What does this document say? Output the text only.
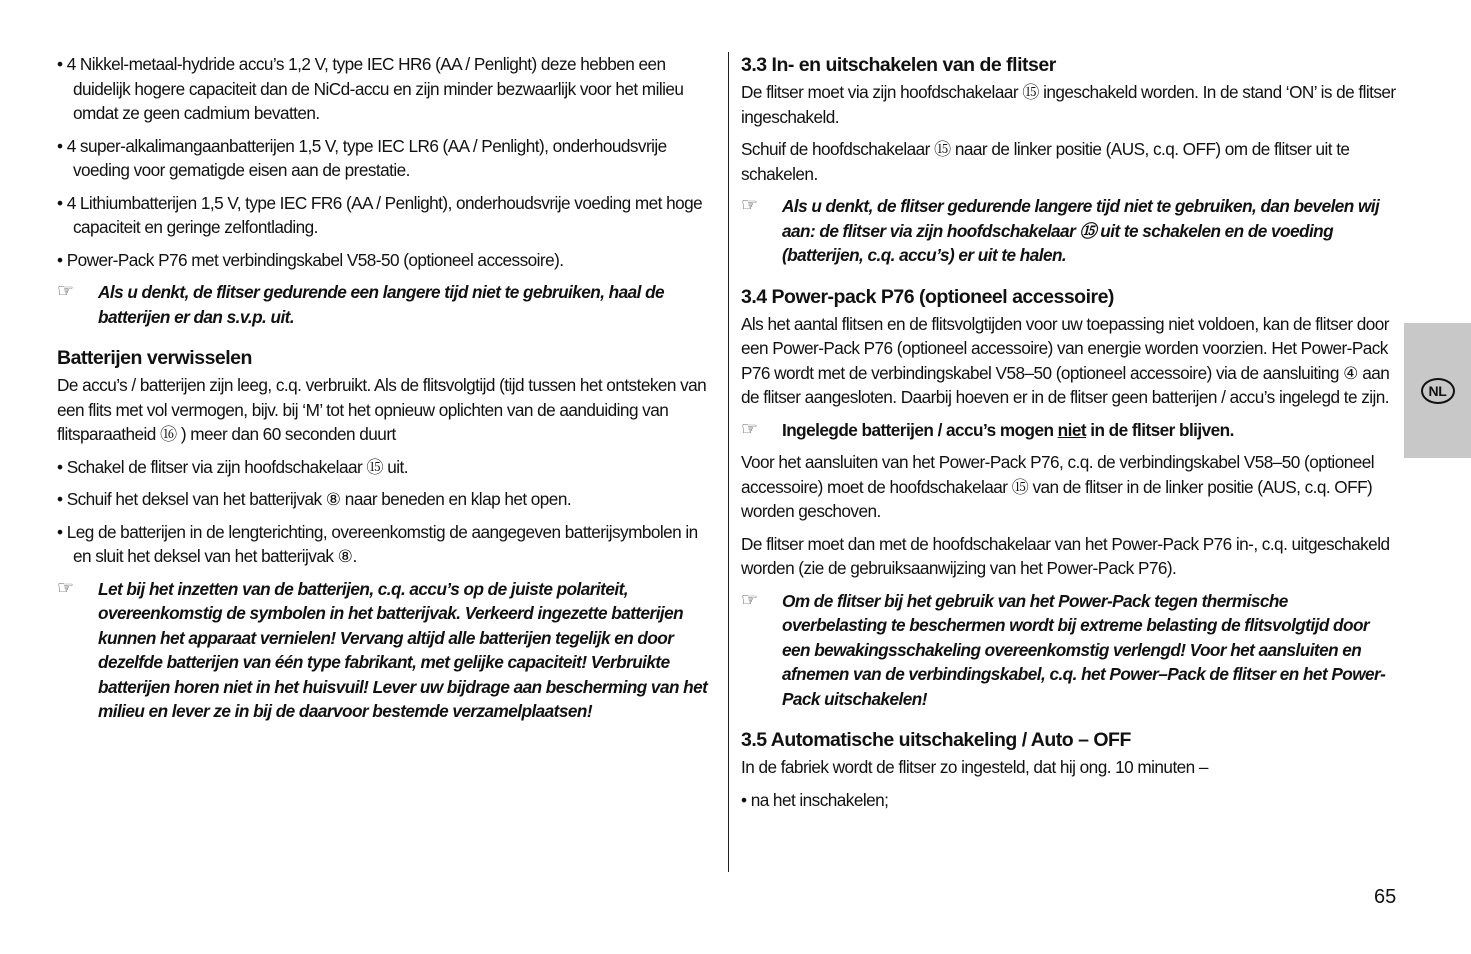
• 4 Nikkel-metaal-hydride accu’s 1,2 V, type IEC HR6 (AA / Penlight) deze hebben een duidelijk hogere capaciteit dan de NiCd-accu en zijn minder bezwaarlijk voor het milieu omdat ze geen cadmium bevatten.

• 4 super-alkalimangaanbatterijen 1,5 V, type IEC LR6 (AA / Penlight), onderhoudsvrije voeding voor gematigde eisen aan de prestatie.

• 4 Lithiumbatterijen 1,5 V, type IEC FR6 (AA / Penlight), onderhoudsvrije voeding met hoge capaciteit en geringe zelfontlading.

• Power-Pack P76 met verbindingskabel V58-50 (optioneel accessoire).

☞ Als u denkt, de flitser gedurende een langere tijd niet te gebruiken, haal de batterijen er dan s.v.p. uit.

Batterijen verwisselen

De accu’s / batterijen zijn leeg, c.q. verbruikt. Als de flitsvolgtijd (tijd tussen het ontsteken van een flits met vol vermogen, bijv. bij ‘M’ tot het opnieuw oplichten van de aanduiding van flitsparaatheid ⑯ ) meer dan 60 seconden duurt

• Schakel de flitser via zijn hoofdschakelaar ⑮ uit.

• Schuif het deksel van het batterijvak ⑧ naar beneden en klap het open.

• Leg de batterijen in de lengterichting, overeenkomstig de aangegeven batterijsymbolen in en sluit het deksel van het batterijvak ⑧.

☞ Let bij het inzetten van de batterijen, c.q. accu’s op de juiste polariteit, overeenkomstig de symbolen in het batterijvak. Verkeerd ingezette batterijen kunnen het apparaat vernielen! Vervang altijd alle batterijen tegelijk en door dezelfde batterijen van één type fabrikant, met gelijke capaciteit! Verbruikte batterijen horen niet in het huisvuil! Lever uw bijdrage aan bescherming van het milieu en lever ze in bij de daarvoor bestemde verzamelplaatsen!

3.3 In- en uitschakelen van de flitser

De flitser moet via zijn hoofdschakelaar ⑮ ingeschakeld worden. In de stand ‘ON’ is de flitser ingeschakeld.

Schuif de hoofdschakelaar ⑮ naar de linker positie (AUS, c.q. OFF) om de flitser uit te schakelen.

☞ Als u denkt, de flitser gedurende langere tijd niet te gebruiken, dan bevelen wij aan: de flitser via zijn hoofdschakelaar ⑮ uit te schakelen en de voeding (batterijen, c.q. accu’s) er uit te halen.

3.4 Power-pack P76 (optioneel accessoire)

Als het aantal flitsen en de flitsvolgtijden voor uw toepassing niet voldoen, kan de flitser door een Power-Pack P76 (optioneel accessoire) van energie worden voorzien. Het Power-Pack P76 wordt met de verbindingskabel V58–50 (optioneel accessoire) via de aansluiting ④ aan de flitser aangesloten. Daarbij hoeven er in de flitser geen batterijen / accu’s ingelegd te zijn.

☞ Ingelegde batterijen / accu’s mogen niet in de flitser blijven.

Voor het aansluiten van het Power-Pack P76, c.q. de verbindingskabel V58–50 (optioneel accessoire) moet de hoofdschakelaar ⑮ van de flitser in de linker positie (AUS, c.q. OFF) worden geschoven.

De flitser moet dan met de hoofdschakelaar van het Power-Pack P76 in-, c.q. uitgeschakeld worden (zie de gebruiksaanwijzing van het Power-Pack P76).

☞ Om de flitser bij het gebruik van het Power-Pack tegen thermische overbelasting te beschermen wordt bij extreme belasting de flitsvolgtijd door een bewakingsschakeling overeenkomstig verlengd! Voor het aansluiten en afnemen van de verbindingskabel, c.q. het Power–Pack de flitser en het Power-Pack uitschakelen!

3.5 Automatische uitschakeling / Auto – OFF

In de fabriek wordt de flitser zo ingesteld, dat hij ong. 10 minuten –

• na het inschakelen;

NL
65
